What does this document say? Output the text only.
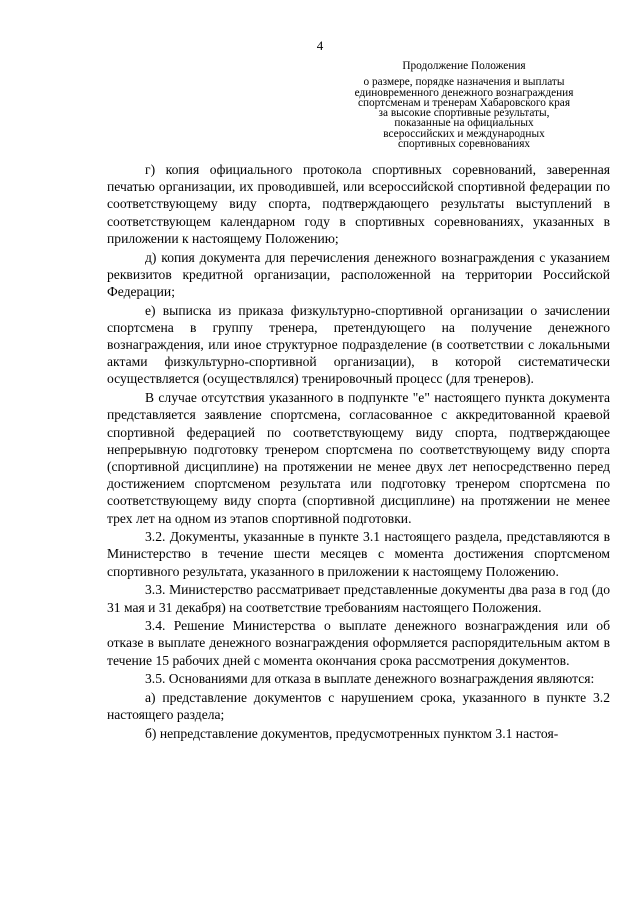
4
Продолжение Положения
о размере, порядке назначения и выплаты
единовременного денежного вознаграждения
спортсменам и тренерам Хабаровского края
за высокие спортивные результаты,
показанные на официальных
всероссийских и международных
спортивных соревнованиях

г) копия официального протокола спортивных соревнований, заверенная печатью организации, их проводившей, или всероссийской спортивной федерации по соответствующему виду спорта, подтверждающего результаты выступлений в соответствующем календарном году в спортивных соревнованиях, указанных в приложении к настоящему Положению;

д) копия документа для перечисления денежного вознаграждения с указанием реквизитов кредитной организации, расположенной на территории Российской Федерации;

е) выписка из приказа физкультурно-спортивной организации о зачислении спортсмена в группу тренера, претендующего на получение денежного вознаграждения, или иное структурное подразделение (в соответствии с локальными актами физкультурно-спортивной организации), в которой систематически осуществляется (осуществлялся) тренировочный процесс (для тренеров).

В случае отсутствия указанного в подпункте "е" настоящего пункта документа представляется заявление спортсмена, согласованное с аккредитованной краевой спортивной федерацией по соответствующему виду спорта, подтверждающее непрерывную подготовку тренером спортсмена по соответствующему виду спорта (спортивной дисциплине) на протяжении не менее двух лет непосредственно перед достижением спортсменом результата или подготовку тренером спортсмена по соответствующему виду спорта (спортивной дисциплине) на протяжении не менее трех лет на одном из этапов спортивной подготовки.

3.2. Документы, указанные в пункте 3.1 настоящего раздела, представляются в Министерство в течение шести месяцев с момента достижения спортсменом спортивного результата, указанного в приложении к настоящему Положению.

3.3. Министерство рассматривает представленные документы два раза в год (до 31 мая и 31 декабря) на соответствие требованиям настоящего Положения.

3.4. Решение Министерства о выплате денежного вознаграждения или об отказе в выплате денежного вознаграждения оформляется распорядительным актом в течение 15 рабочих дней с момента окончания срока рассмотрения документов.

3.5. Основаниями для отказа в выплате денежного вознаграждения являются:

а) представление документов с нарушением срока, указанного в пункте 3.2 настоящего раздела;

б) непредставление документов, предусмотренных пунктом 3.1 настоя-
